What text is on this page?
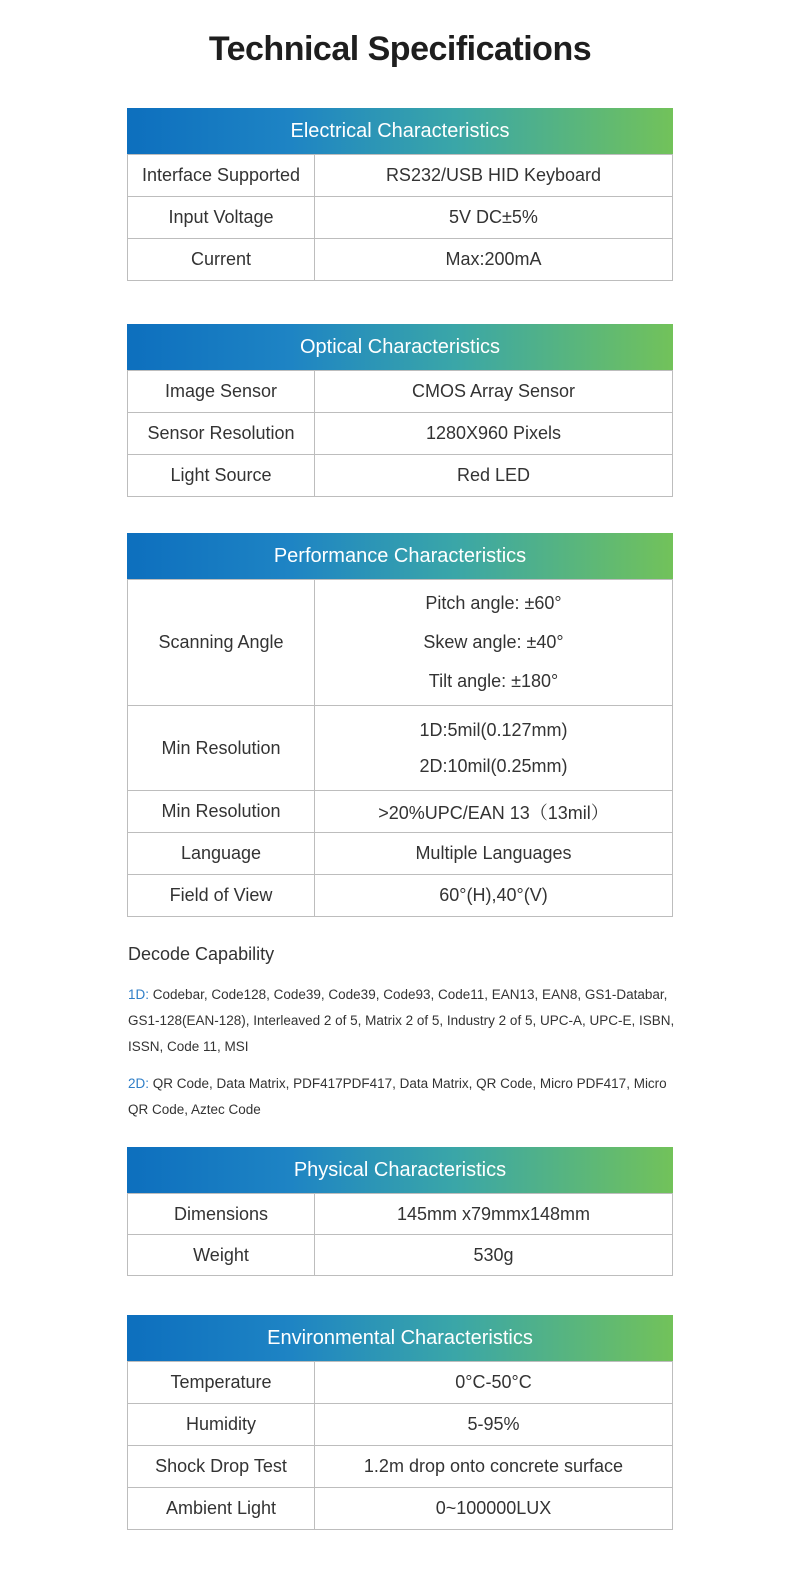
Technical Specifications
Electrical Characteristics
Interface Supported	RS232/USB HID Keyboard
Input Voltage	5V DC±5%
Current	Max:200mA
Optical Characteristics
Image Sensor	CMOS Array Sensor
Sensor Resolution	1280X960 Pixels
Light Source	Red LED
Performance Characteristics
Scanning Angle	Pitch angle: ±60°
Skew angle: ±40°
Tilt angle: ±180°

Min Resolution	1D:5mil(0.127mm)
2D:10mil(0.25mm)

Min Resolution	>20%UPC/EAN 13（13mil）
Language	Multiple Languages
Field of View	60°(H),40°(V)
Decode Capability

1D: Codebar, Code128, Code39, Code39, Code93, Code11, EAN13, EAN8, GS1-Databar, GS1-128(EAN-128), Interleaved 2 of 5, Matrix 2 of 5, Industry 2 of 5, UPC-A, UPC-E, ISBN, ISSN, Code 11, MSI

2D: QR Code, Data Matrix, PDF417PDF417, Data Matrix, QR Code, Micro PDF417, Micro QR Code, Aztec Code

Physical Characteristics
Dimensions	145mm x79mmx148mm
Weight	530g
Environmental Characteristics
Temperature	0°C-50°C
Humidity	5-95%
Shock Drop Test	1.2m drop onto concrete surface
Ambient Light	0~100000LUX
